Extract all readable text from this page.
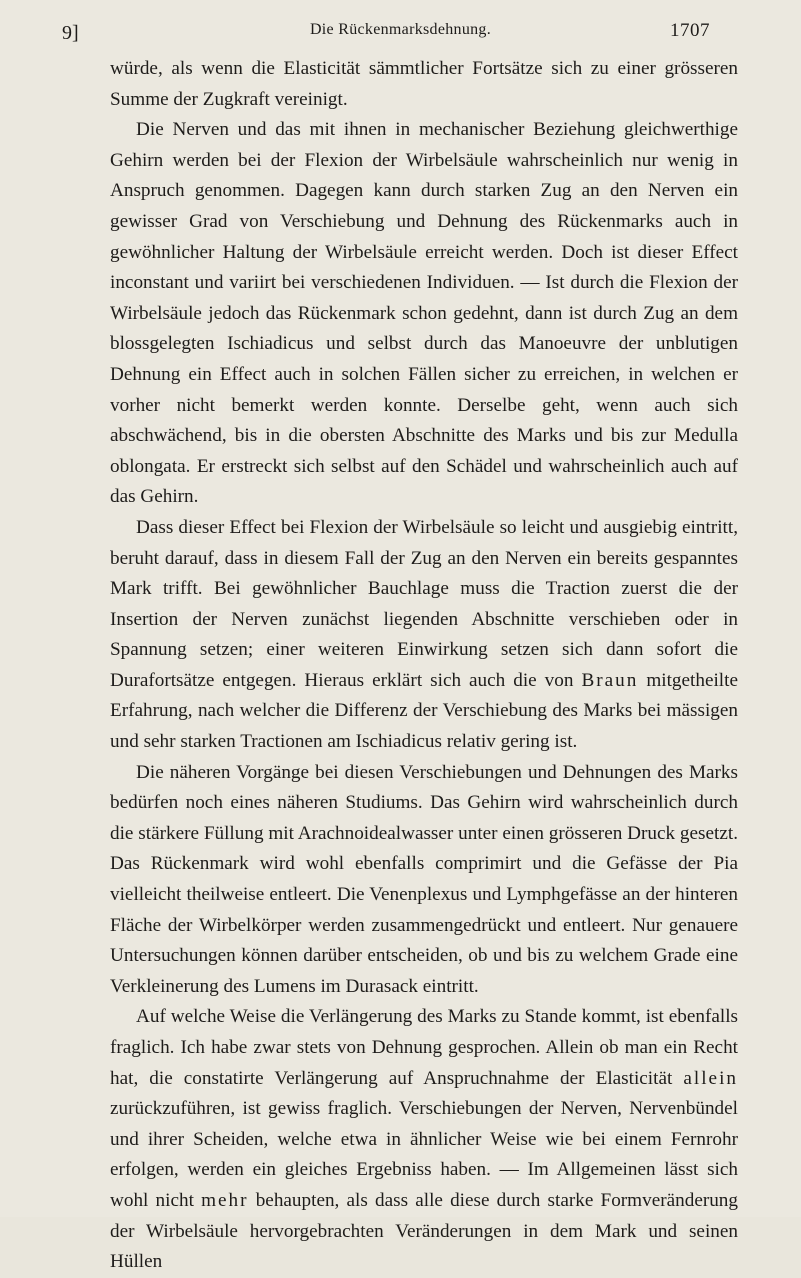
9]	Die Rückenmarksdehnung.	1707

würde, als wenn die Elasticität sämmtlicher Fortsätze sich zu einer grösseren Summe der Zugkraft vereinigt.

Die Nerven und das mit ihnen in mechanischer Beziehung gleichwerthige Gehirn werden bei der Flexion der Wirbelsäule wahrscheinlich nur wenig in Anspruch genommen. Dagegen kann durch starken Zug an den Nerven ein gewisser Grad von Verschiebung und Dehnung des Rückenmarks auch in gewöhnlicher Haltung der Wirbelsäule erreicht werden. Doch ist dieser Effect inconstant und variirt bei verschiedenen Individuen. — Ist durch die Flexion der Wirbelsäule jedoch das Rückenmark schon gedehnt, dann ist durch Zug an dem blossgelegten Ischiadicus und selbst durch das Manoeuvre der unblutigen Dehnung ein Effect auch in solchen Fällen sicher zu erreichen, in welchen er vorher nicht bemerkt werden konnte. Derselbe geht, wenn auch sich abschwächend, bis in die obersten Abschnitte des Marks und bis zur Medulla oblongata. Er erstreckt sich selbst auf den Schädel und wahrscheinlich auch auf das Gehirn.

Dass dieser Effect bei Flexion der Wirbelsäule so leicht und ausgiebig eintritt, beruht darauf, dass in diesem Fall der Zug an den Nerven ein bereits gespanntes Mark trifft. Bei gewöhnlicher Bauchlage muss die Traction zuerst die der Insertion der Nerven zunächst liegenden Abschnitte verschieben oder in Spannung setzen; einer weiteren Einwirkung setzen sich dann sofort die Durafortsätze entgegen. Hieraus erklärt sich auch die von Braun mitgetheilte Erfahrung, nach welcher die Differenz der Verschiebung des Marks bei mässigen und sehr starken Tractionen am Ischiadicus relativ gering ist.

Die näheren Vorgänge bei diesen Verschiebungen und Dehnungen des Marks bedürfen noch eines näheren Studiums. Das Gehirn wird wahrscheinlich durch die stärkere Füllung mit Arachnoidealwasser unter einen grösseren Druck gesetzt. Das Rückenmark wird wohl ebenfalls comprimirt und die Gefässe der Pia vielleicht theilweise entleert. Die Venenplexus und Lymphgefässe an der hinteren Fläche der Wirbelkörper werden zusammengedrückt und entleert. Nur genauere Untersuchungen können darüber entscheiden, ob und bis zu welchem Grade eine Verkleinerung des Lumens im Durasack eintritt.

Auf welche Weise die Verlängerung des Marks zu Stande kommt, ist ebenfalls fraglich. Ich habe zwar stets von Dehnung gesprochen. Allein ob man ein Recht hat, die constatirte Verlängerung auf Anspruchnahme der Elasticität allein zurückzuführen, ist gewiss fraglich. Verschiebungen der Nerven, Nervenbündel und ihrer Scheiden, welche etwa in ähnlicher Weise wie bei einem Fernrohr erfolgen, werden ein gleiches Ergebniss haben. — Im Allgemeinen lässt sich wohl nicht mehr behaupten, als dass alle diese durch starke Formveränderung der Wirbelsäule hervorgebrachten Veränderungen in dem Mark und seinen Hüllen
